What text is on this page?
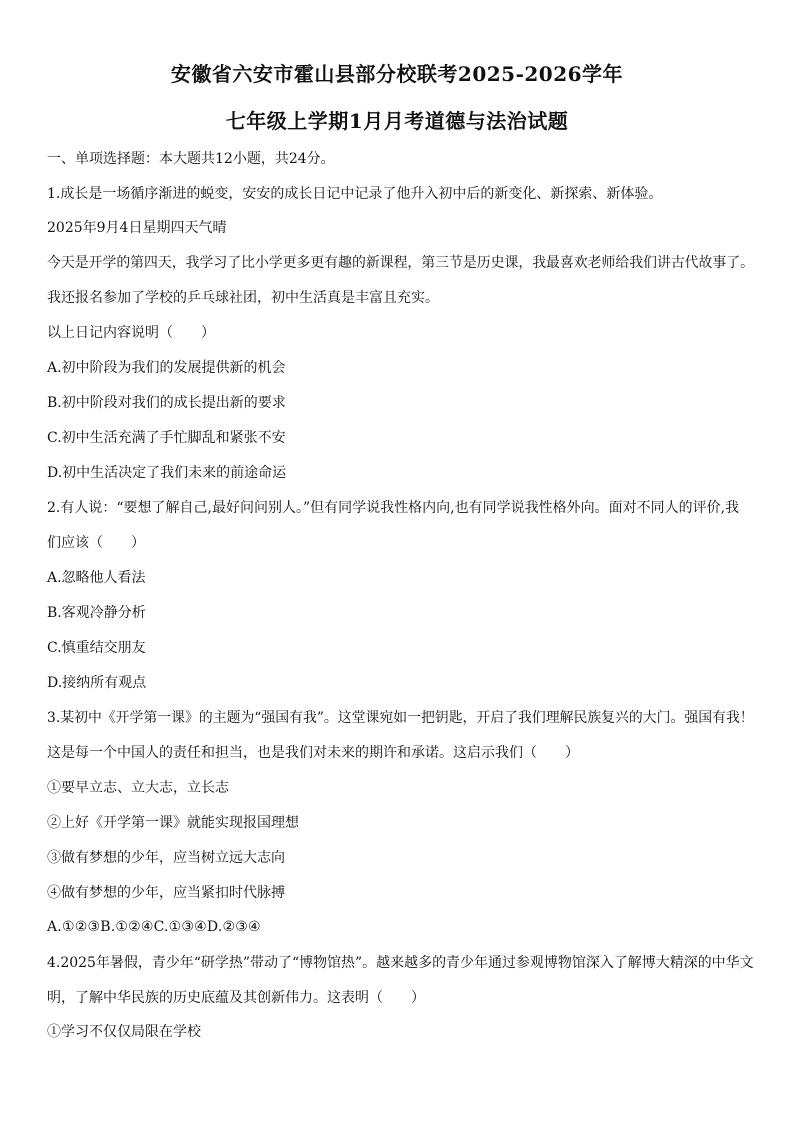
安徽省六安市霍山县部分校联考2025-2026学年
七年级上学期1月月考道德与法治试题
一、单项选择题：本大题共12小题，共24分。
1.成长是一场循序渐进的蜕变，安安的成长日记中记录了他升入初中后的新变化、新探索、新体验。
2025年9月4日星期四天气晴
今天是开学的第四天，我学习了比小学更多更有趣的新课程，第三节是历史课，我最喜欢老师给我们讲古代故事了。
我还报名参加了学校的乒乓球社团，初中生活真是丰富且充实。
以上日记内容说明（　　）
A.初中阶段为我们的发展提供新的机会
B.初中阶段对我们的成长提出新的要求
C.初中生活充满了手忙脚乱和紧张不安
D.初中生活决定了我们未来的前途命运
2.有人说：“要想了解自己,最好问问别人。”但有同学说我性格内向,也有同学说我性格外向。面对不同人的评价,我
们应该（　　）
A.忽略他人看法
B.客观冷静分析
C.慎重结交朋友
D.接纳所有观点
3.某初中《开学第一课》的主题为“强国有我”。这堂课宛如一把钥匙，开启了我们理解民族复兴的大门。强国有我！
这是每一个中国人的责任和担当，也是我们对未来的期许和承诺。这启示我们（　　）
①要早立志、立大志，立长志
②上好《开学第一课》就能实现报国理想
③做有梦想的少年，应当树立远大志向
④做有梦想的少年，应当紧扣时代脉搏
A.①②③B.①②④C.①③④D.②③④
4.2025年暑假，青少年“研学热”带动了“博物馆热”。越来越多的青少年通过参观博物馆深入了解博大精深的中华文
明，了解中华民族的历史底蕴及其创新伟力。这表明（　　）
①学习不仅仅局限在学校
